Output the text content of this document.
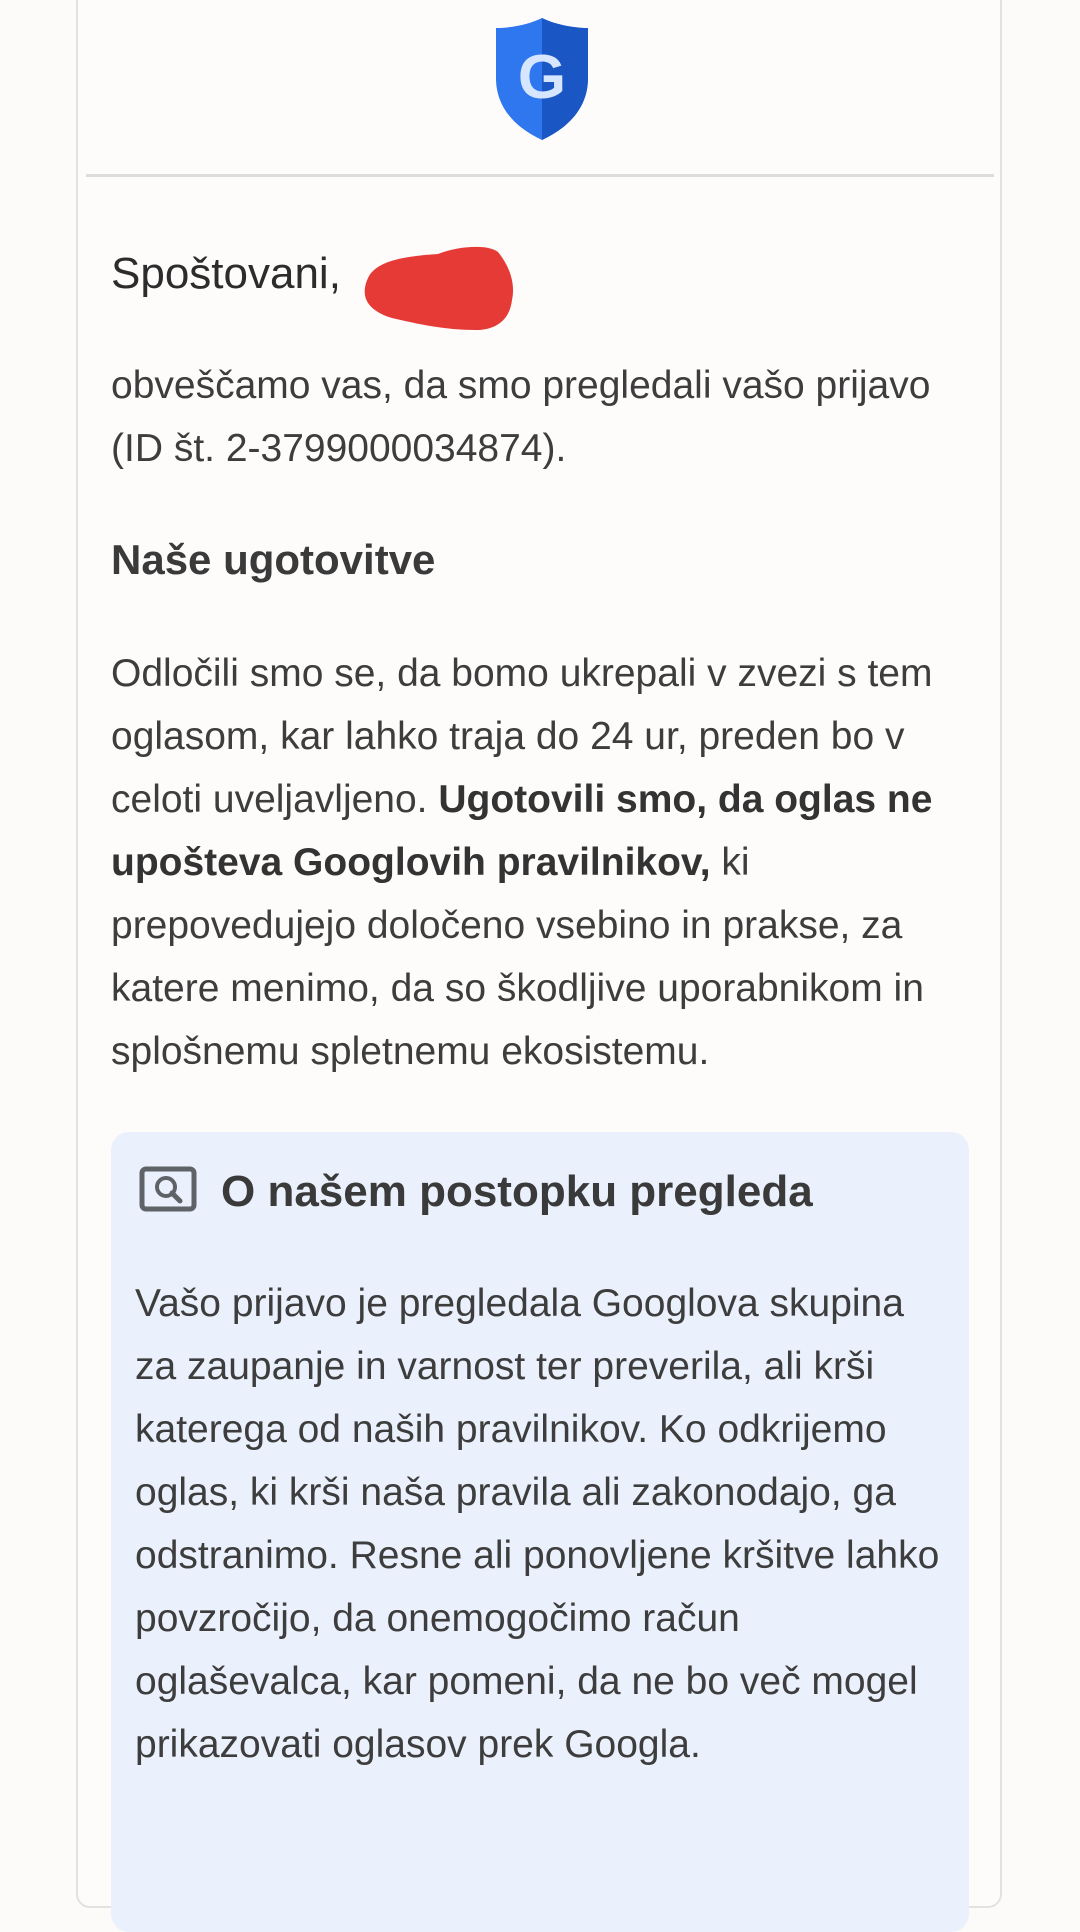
G
Spoštovani,

obveščamo vas, da smo pregledali vašo prijavo (ID št. 2-3799000034874).

Naše ugotovitve

Odločili smo se, da bomo ukrepali v zvezi s tem oglasom, kar lahko traja do 24 ur, preden bo v celoti uveljavljeno. Ugotovili smo, da oglas ne upošteva Googlovih pravilnikov, ki prepovedujejo določeno vsebino in prakse, za katere menimo, da so škodljive uporabnikom in splošnemu spletnemu ekosistemu.

O našem postopku pregleda

Vašo prijavo je pregledala Googlova skupina za zaupanje in varnost ter preverila, ali krši katerega od naših pravilnikov. Ko odkrijemo oglas, ki krši naša pravila ali zakonodajo, ga odstranimo. Resne ali ponovljene kršitve lahko povzročijo, da onemogočimo račun oglaševalca, kar pomeni, da ne bo več mogel prikazovati oglasov prek Googla.
